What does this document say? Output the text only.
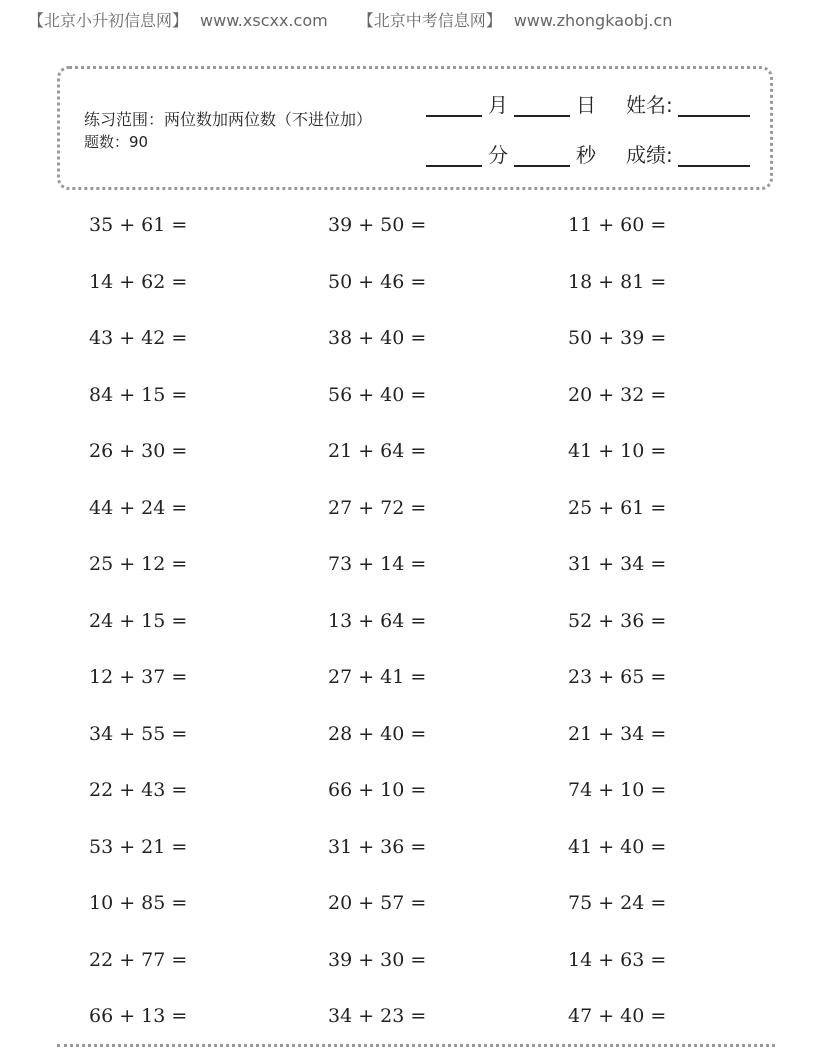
【北京小升初信息网】 www.xscxx.com 【北京中考信息网】 www.zhongkaobj.cn
练习范围：两位数加两位数（不进位加）
题数：90
月	日 姓名:
分	秒 成绩:
35 + 61 =	39 + 50 =	11 + 60 =
14 + 62 =	50 + 46 =	18 + 81 =
43 + 42 =	38 + 40 =	50 + 39 =
84 + 15 =	56 + 40 =	20 + 32 =
26 + 30 =	21 + 64 =	41 + 10 =
44 + 24 =	27 + 72 =	25 + 61 =
25 + 12 =	73 + 14 =	31 + 34 =
24 + 15 =	13 + 64 =	52 + 36 =
12 + 37 =	27 + 41 =	23 + 65 =
34 + 55 =	28 + 40 =	21 + 34 =
22 + 43 =	66 + 10 =	74 + 10 =
53 + 21 =	31 + 36 =	41 + 40 =
10 + 85 =	20 + 57 =	75 + 24 =
22 + 77 =	39 + 30 =	14 + 63 =
66 + 13 =	34 + 23 =	47 + 40 =
